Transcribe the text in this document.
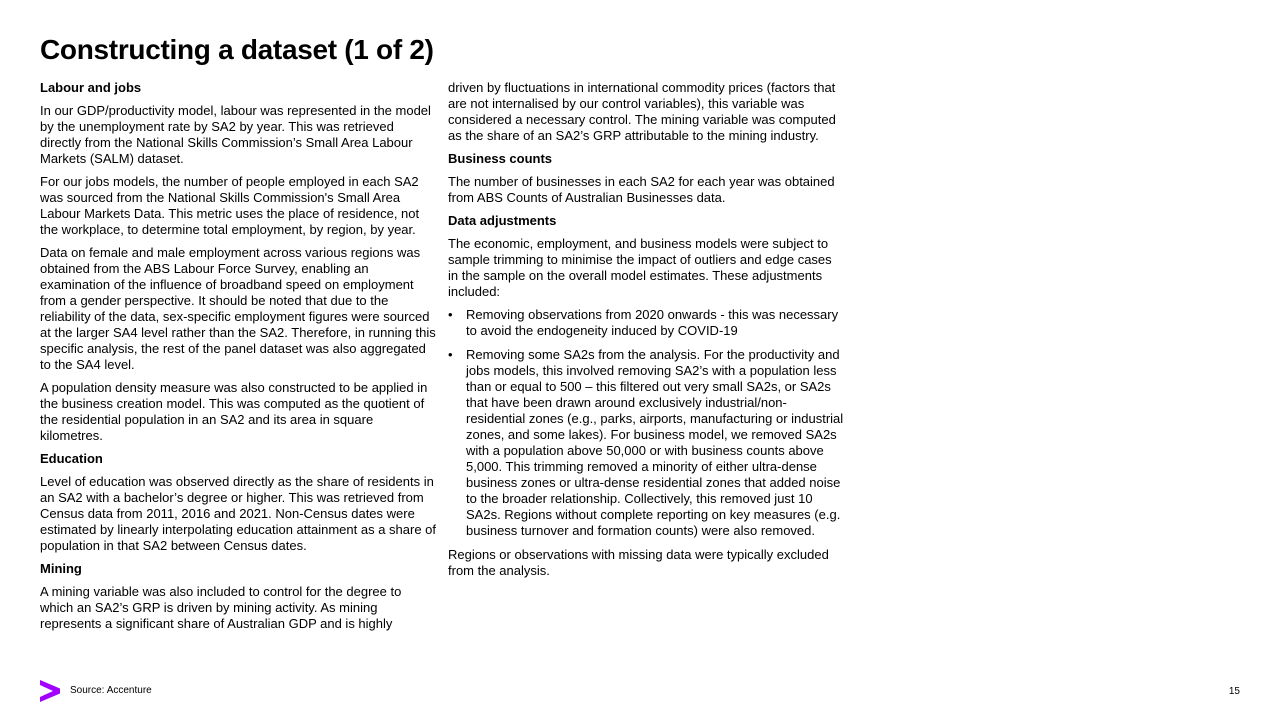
Constructing a dataset (1 of 2)
Labour and jobs

In our GDP/productivity model, labour was represented in the model by the unemployment rate by SA2 by year. This was retrieved directly from the National Skills Commission’s Small Area Labour Markets (SALM) dataset.

For our jobs models, the number of people employed in each SA2 was sourced from the National Skills Commission's Small Area Labour Markets Data. This metric uses the place of residence, not the workplace, to determine total employment, by region, by year.

Data on female and male employment across various regions was obtained from the ABS Labour Force Survey, enabling an examination of the influence of broadband speed on employment from a gender perspective. It should be noted that due to the reliability of the data, sex-specific employment figures were sourced at the larger SA4 level rather than the SA2. Therefore, in running this specific analysis, the rest of the panel dataset was also aggregated to the SA4 level.

A population density measure was also constructed to be applied in the business creation model. This was computed as the quotient of the residential population in an SA2 and its area in square kilometres.

Education

Level of education was observed directly as the share of residents in an SA2 with a bachelor’s degree or higher. This was retrieved from Census data from 2011, 2016 and 2021. Non-Census dates were estimated by linearly interpolating education attainment as a share of population in that SA2 between Census dates.

Mining

A mining variable was also included to control for the degree to which an SA2’s GRP is driven by mining activity. As mining represents a significant share of Australian GDP and is highly

driven by fluctuations in international commodity prices (factors that are not internalised by our control variables), this variable was considered a necessary control. The mining variable was computed as the share of an SA2’s GRP attributable to the mining industry.

Business counts

The number of businesses in each SA2 for each year was obtained from ABS Counts of Australian Businesses data.

Data adjustments

The economic, employment, and business models were subject to sample trimming to minimise the impact of outliers and edge cases in the sample on the overall model estimates. These adjustments included:

• Removing observations from 2020 onwards - this was necessary to avoid the endogeneity induced by COVID-19
• Removing some SA2s from the analysis. For the productivity and jobs models, this involved removing SA2’s with a population less than or equal to 500 – this filtered out very small SA2s, or SA2s that have been drawn around exclusively industrial/non-residential zones (e.g., parks, airports, manufacturing or industrial zones, and some lakes). For business model, we removed SA2s with a population above 50,000 or with business counts above 5,000. This trimming removed a minority of either ultra-dense business zones or ultra-dense residential zones that added noise to the broader relationship. Collectively, this removed just 10 SA2s. Regions without complete reporting on key measures (e.g. business turnover and formation counts) were also removed.

Regions or observations with missing data were typically excluded from the analysis.

Source: Accenture	15
